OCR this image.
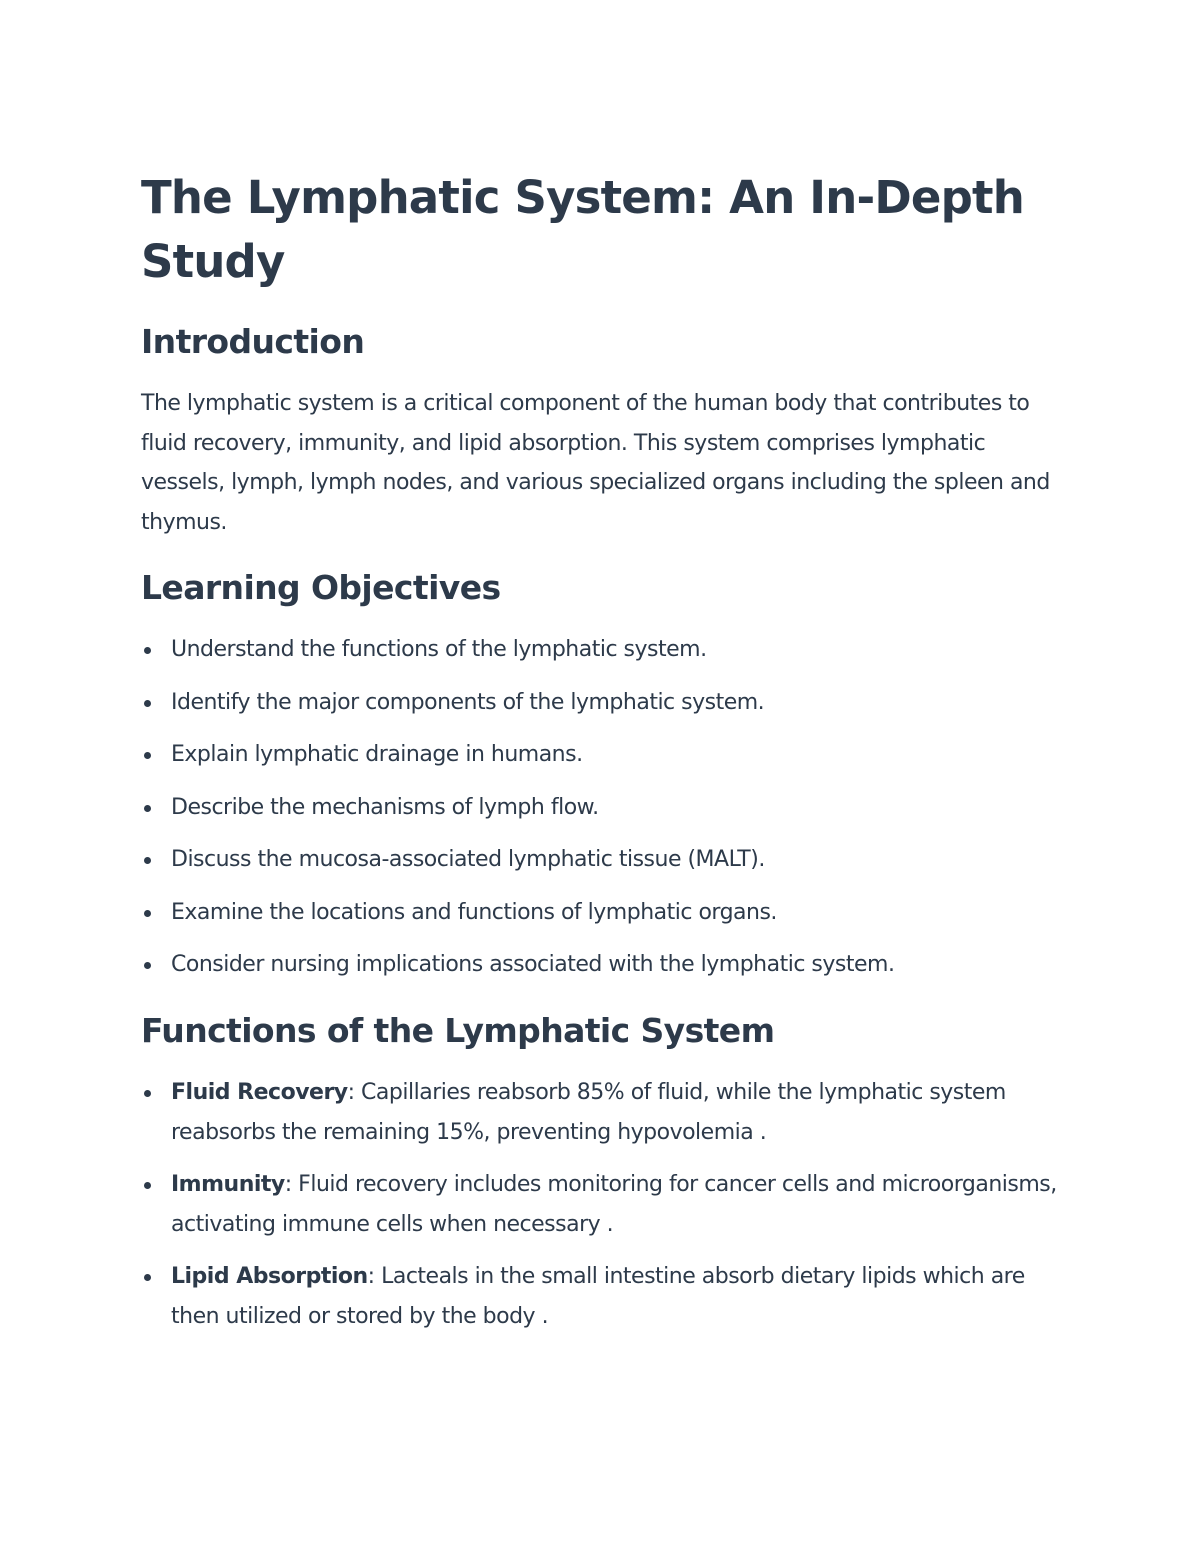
The Lymphatic System: An In-Depth Study
Introduction

The lymphatic system is a critical component of the human body that contributes to fluid recovery, immunity, and lipid absorption. This system comprises lymphatic vessels, lymph, lymph nodes, and various specialized organs including the spleen and thymus.

Learning Objectives
Understand the functions of the lymphatic system.
Identify the major components of the lymphatic system.
Explain lymphatic drainage in humans.
Describe the mechanisms of lymph flow.
Discuss the mucosa-associated lymphatic tissue (MALT).
Examine the locations and functions of lymphatic organs.
Consider nursing implications associated with the lymphatic system.
Functions of the Lymphatic System
Fluid Recovery: Capillaries reabsorb 85% of fluid, while the lymphatic system reabsorbs the remaining 15%, preventing hypovolemia .
Immunity: Fluid recovery includes monitoring for cancer cells and microorganisms, activating immune cells when necessary .
Lipid Absorption: Lacteals in the small intestine absorb dietary lipids which are then utilized or stored by the body .
